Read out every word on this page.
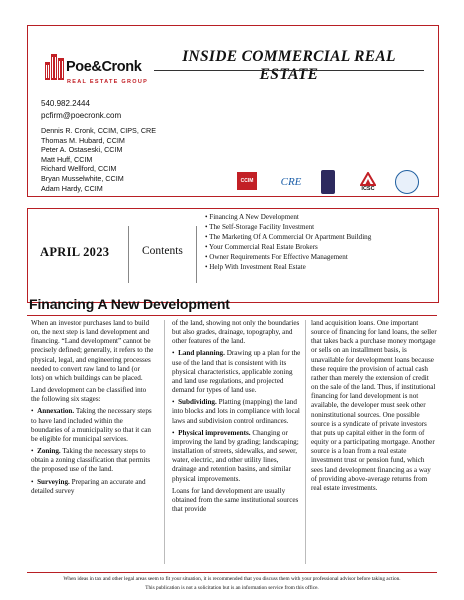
INSIDE COMMERCIAL REAL ESTATE
Poe&Cronk
REAL ESTATE GROUP
540.982.2444
pcfirm@poecronk.com
Dennis R. Cronk, CCIM, CIPS, CRE
Thomas M. Hubard, CCIM
Peter A. Ostaseski, CCIM
Matt Huff, CCIM
Richard Wellford, CCIM
Bryan Musselwhite, CCIM
Adam Hardy, CCIM
CCIM	CRE
ICSC
APRIL 2023	Contents
• Financing A New Development
• The Self-Storage Facility Investment
• The Marketing Of A Commercial Or Apartment Building
• Your Commercial Real Estate Brokers
• Owner Requirements For Effective Management
• Help With Investment Real Estate
Financing A New Development

When an investor purchases land to build on, the next step is land development and financing. “Land development” cannot be precisely defined; generally, it refers to the physical, legal, and engineering processes needed to convert raw land to land (or lots) on which buildings can be placed.

Land development can be classified into the following six stages:

•  Annexation. Taking the necessary steps to have land included within the boundaries of a municipality so that it can be eligible for municipal services.

•  Zoning. Taking the necessary steps to obtain a zoning classification that permits the proposed use of the land.

•  Surveying. Preparing an accurate and detailed survey

of the land, showing not only the boundaries but also grades, drainage, topography, and other features of the land.

•  Land planning. Drawing up a plan for the use of the land that is consistent with its physical characteristics, applicable zoning and land use regulations, and projected demand for types of land use.

•  Subdividing. Platting (mapping) the land into blocks and lots in compliance with local laws and subdivision control ordinances.

•  Physical improvements. Changing or improving the land by grading; landscaping; installation of streets, sidewalks, and sewer, water, electric, and other utility lines, drainage and retention basins, and similar physical improvements.

Loans for land development are usually obtained from the same institutional sources that provide

land acquisition loans. One important source of financing for land loans, the seller that takes back a purchase money mortgage or sells on an installment basis, is unavailable for development loans because these require the provision of actual cash rather than merely the extension of credit on the sale of the land. Thus, if institutional financing for land development is not available, the developer must seek other noninstitutional sources. One possible source is a syndicate of private investors that puts up capital either in the form of equity or a participating mortgage. Another source is a loan from a real estate investment trust or pension fund, which sees land development financing as a way of providing above-average returns from real estate investments.

When ideas in tax and other legal areas seem to fit your situation, it is recommended that you discuss them with your professional advisor before taking action.
This publication is not a solicitation but is an information service from this office.
